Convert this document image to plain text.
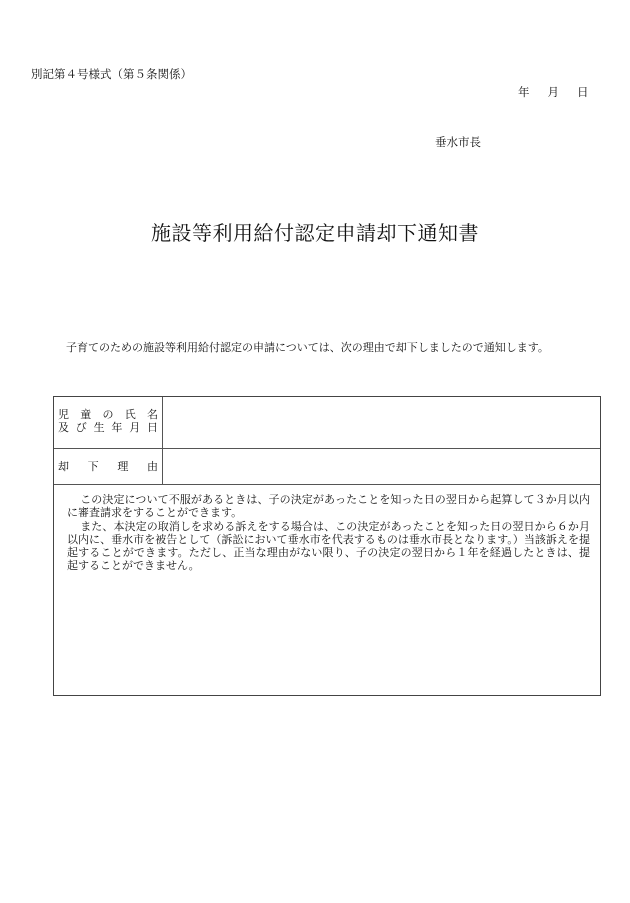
別記第４号様式（第５条関係）
年 月 日
垂水市長
施設等利用給付認定申請却下通知書
子育てのための施設等利用給付認定の申請については、次の理由で却下しましたので通知します。
児 童 の 氏 名
及 び 生 年 月 日
却 下 理 由

この決定について不服があるときは、子の決定があったことを知った日の翌日から起算して３か月以内に審査請求をすることができます。

また、本決定の取消しを求める訴えをする場合は、この決定があったことを知った日の翌日から６か月以内に、垂水市を被告として（訴訟において垂水市を代表するものは垂水市長となります。）当該訴えを提起することができます。ただし、正当な理由がない限り、子の決定の翌日から１年を経過したときは、提起することができません。
